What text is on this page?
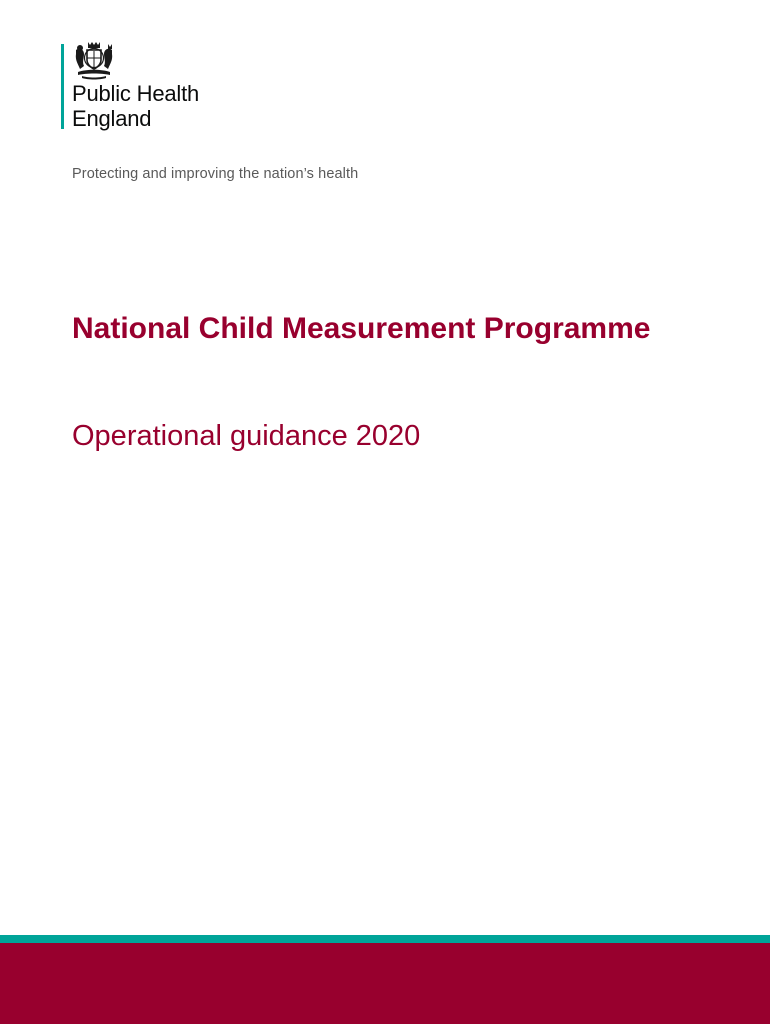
Public Health
England

Protecting and improving the nation’s health

National Child Measurement Programme
Operational guidance 2020
